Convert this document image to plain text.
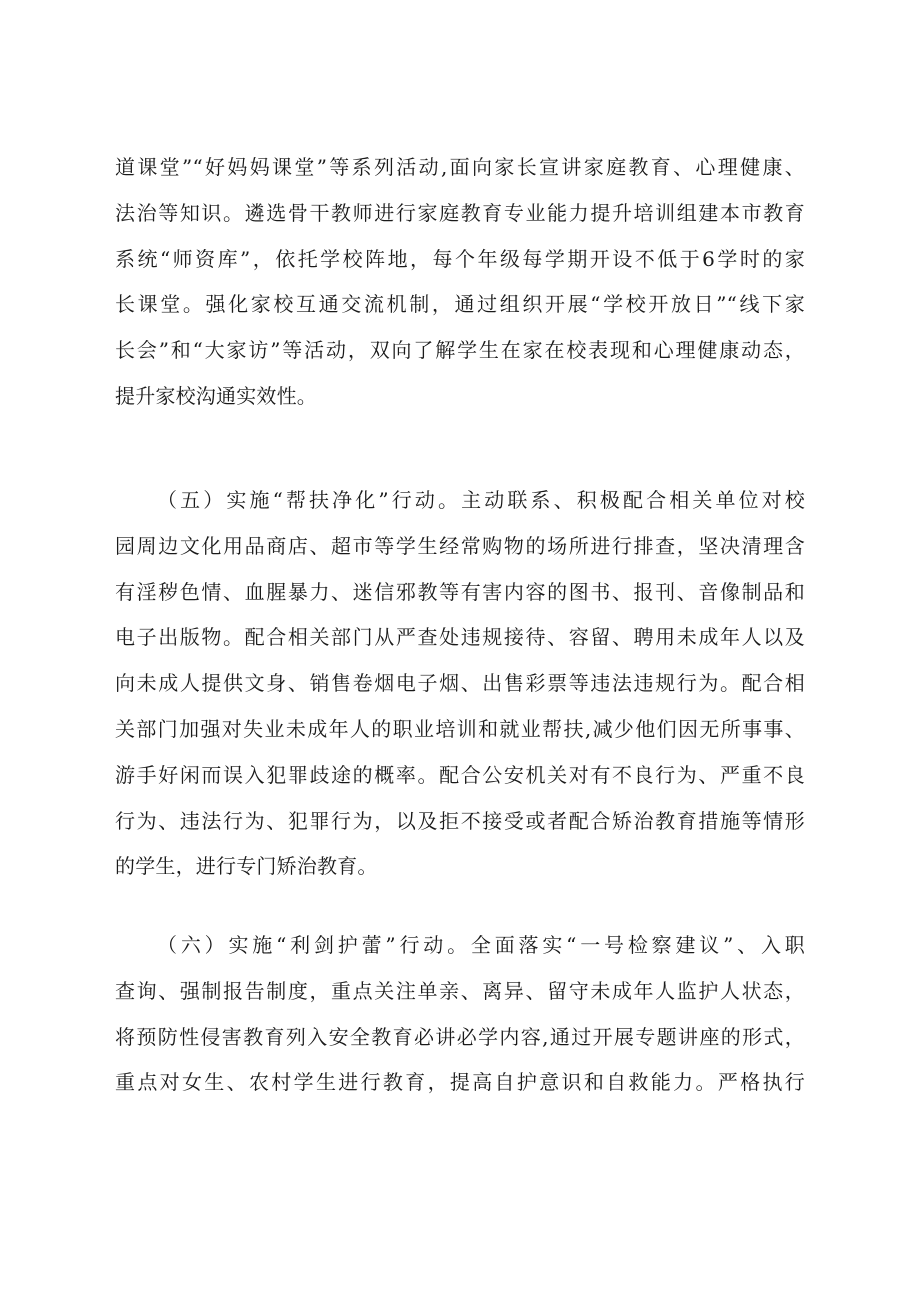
道课堂”“好妈妈课堂”等系列活动,面向家长宣讲家庭教育、心理健康、
法治等知识。遴选骨干教师进行家庭教育专业能力提升培训组建本市教育
系统“师资库”，依托学校阵地，每个年级每学期开设不低于6学时的家
长课堂。强化家校互通交流机制，通过组织开展“学校开放日”“线下家
长会”和“大家访”等活动，双向了解学生在家在校表现和心理健康动态，
提升家校沟通实效性。
（五）实施“帮扶净化”行动。主动联系、积极配合相关单位对校
园周边文化用品商店、超市等学生经常购物的场所进行排查，坚决清理含
有淫秽色情、血腥暴力、迷信邪教等有害内容的图书、报刊、音像制品和
电子出版物。配合相关部门从严查处违规接待、容留、聘用未成年人以及
向未成人提供文身、销售卷烟电子烟、出售彩票等违法违规行为。配合相
关部门加强对失业未成年人的职业培训和就业帮扶,减少他们因无所事事、
游手好闲而误入犯罪歧途的概率。配合公安机关对有不良行为、严重不良
行为、违法行为、犯罪行为，以及拒不接受或者配合矫治教育措施等情形
的学生，进行专门矫治教育。
（六）实施“利剑护蕾”行动。全面落实“一号检察建议”、入职
查询、强制报告制度，重点关注单亲、离异、留守未成年人监护人状态，
将预防性侵害教育列入安全教育必讲必学内容,通过开展专题讲座的形式，
重点对女生、农村学生进行教育，提高自护意识和自救能力。严格执行
